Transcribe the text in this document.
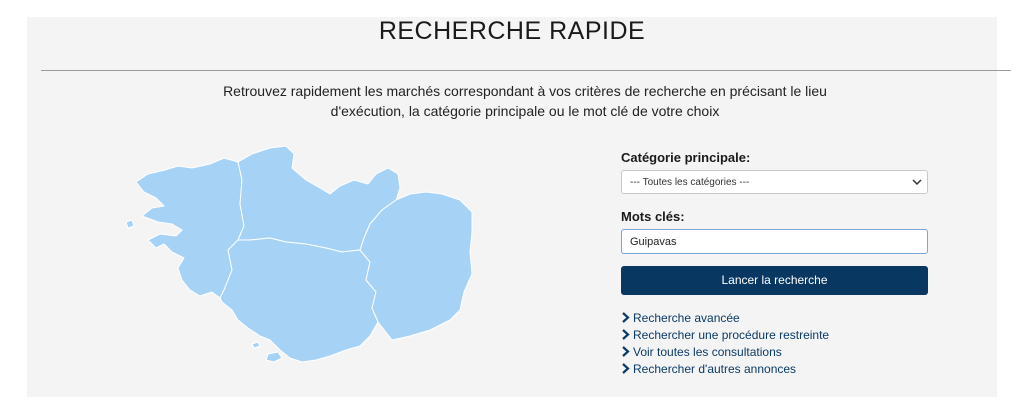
RECHERCHE RAPIDE
Retrouvez rapidement les marchés correspondant à vos critères de recherche en précisant le lieu
d'exécution, la catégorie principale ou le mot clé de votre choix
Catégorie principale:
--- Toutes les catégories ---
Mots clés:
Guipavas
Lancer la recherche
Recherche avancée
Rechercher une procédure restreinte
Voir toutes les consultations
Rechercher d'autres annonces
